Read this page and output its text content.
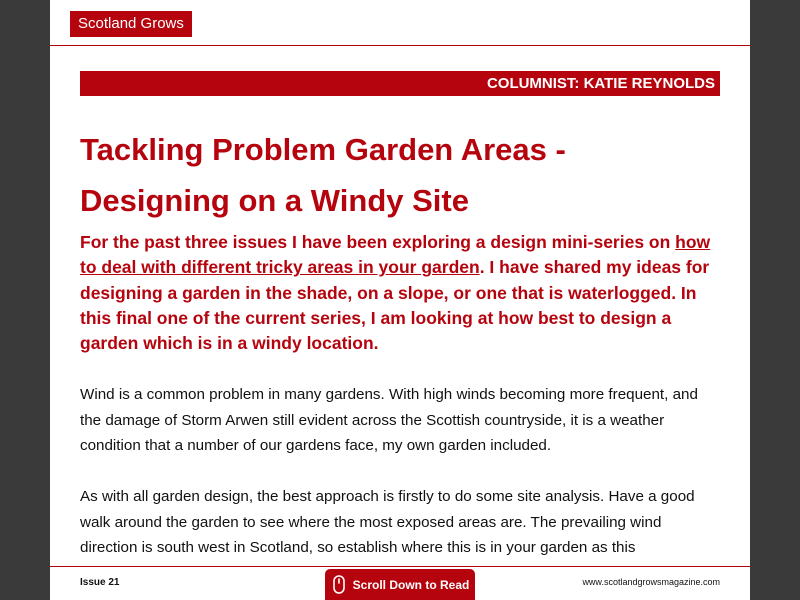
Scotland Grows
COLUMNIST: KATIE REYNOLDS
Tackling Problem Garden Areas - Designing on a Windy Site

For the past three issues I have been exploring a design mini-series on how to deal with different tricky areas in your garden. I have shared my ideas for designing a garden in the shade, on a slope, or one that is waterlogged. In this final one of the current series, I am looking at how best to design a garden which is in a windy location.

Wind is a common problem in many gardens. With high winds becoming more frequent, and the damage of Storm Arwen still evident across the Scottish countryside, it is a weather condition that a number of our gardens face, my own garden included.

As with all garden design, the best approach is firstly to do some site analysis. Have a good walk around the garden to see where the most exposed areas are. The prevailing wind direction is south west in Scotland, so establish where this is in your garden as this

Issue 21	Scroll Down to Read	www.scotlandgrowsmagazine.com
